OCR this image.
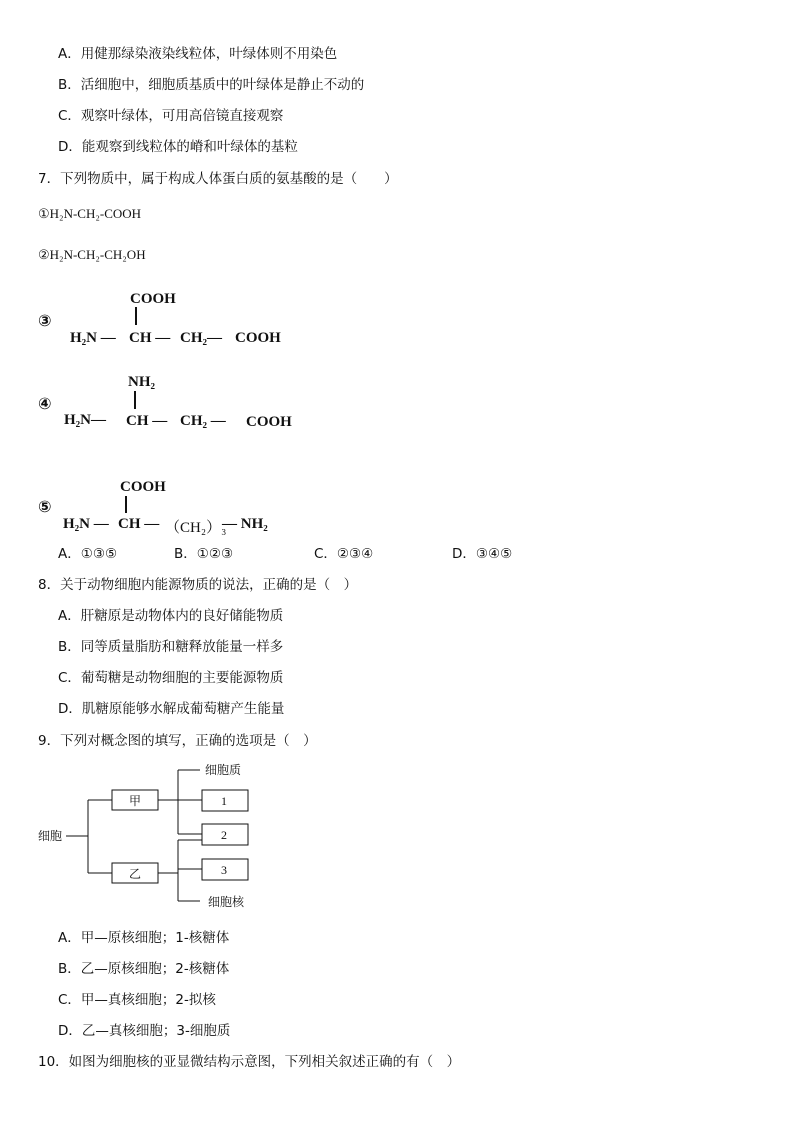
A．用健那绿染液染线粒体，叶绿体则不用染色
B．活细胞中，细胞质基质中的叶绿体是静止不动的
C．观察叶绿体，可用高倍镜直接观察
D．能观察到线粒体的嵴和叶绿体的基粒
7．下列物质中，属于构成人体蛋白质的氨基酸的是（　　）
①H₂N-CH₂-COOH
②H₂N-CH₂-CH₂OH
③
COOH
H₂N — CH — CH₂— COOH
④
NH₂
H₂N— CH — CH₂ — COOH
⑤
COOH
H₂N — CH — （CH₂）₃
— NH₂
A．①③⑤	B．①②③	C．②③④	D．③④⑤
8．关于动物细胞内能源物质的说法，正确的是（　）
A．肝糖原是动物体内的良好储能物质
B．同等质量脂肪和糖释放能量一样多
C．葡萄糖是动物细胞的主要能源物质
D．肌糖原能够水解成葡萄糖产生能量
9．下列对概念图的填写，正确的选项是（　）
细胞
甲
乙
细胞质
1
2
3
细胞核
A．甲—原核细胞；1-核糖体
B．乙—原核细胞；2-核糖体
C．甲—真核细胞；2-拟核
D．乙—真核细胞；3-细胞质
10．如图为细胞核的亚显微结构示意图，下列相关叙述正确的有（　）
